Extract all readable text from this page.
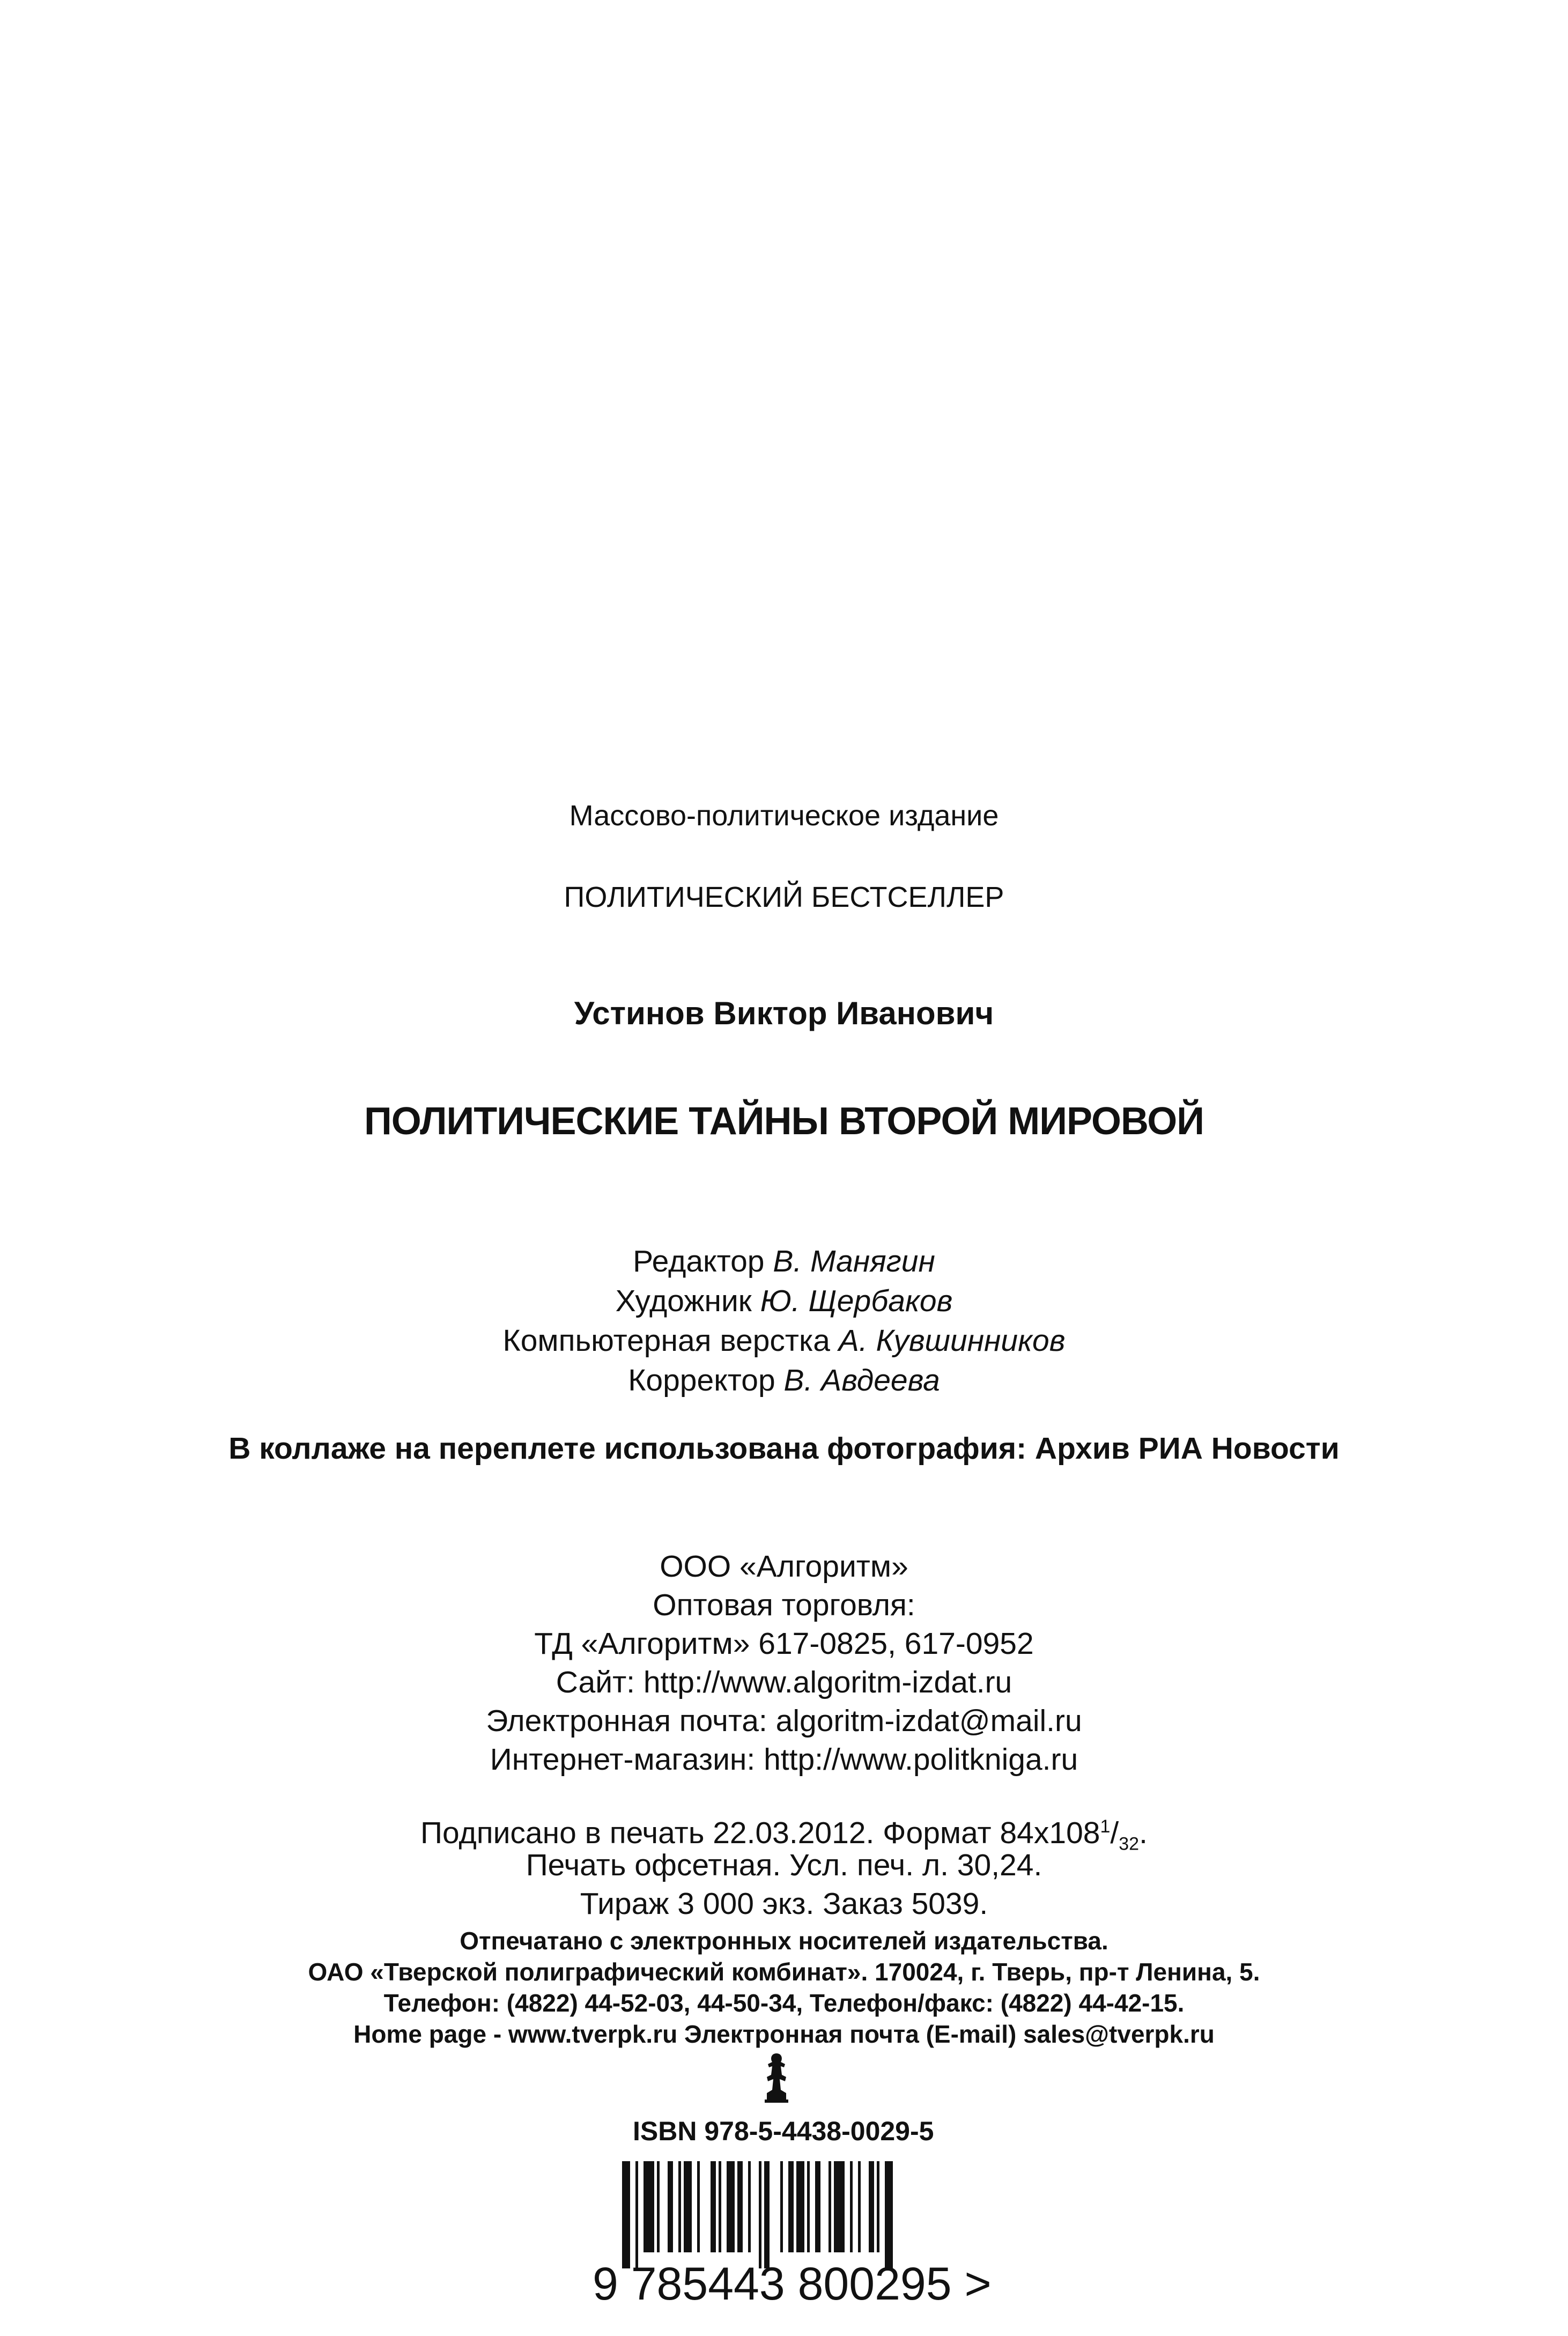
Массово-политическое издание
ПОЛИТИЧЕСКИЙ БЕСТСЕЛЛЕР
Устинов Виктор Иванович
ПОЛИТИЧЕСКИЕ ТАЙНЫ ВТОРОЙ МИРОВОЙ
Редактор В. Манягин
Художник Ю. Щербаков
Компьютерная верстка А. Кувшинников
Корректор В. Авдеева
В коллаже на переплете использована фотография: Архив РИА Новости
ООО «Алгоритм»
Оптовая торговля:
ТД «Алгоритм» 617-0825, 617-0952
Сайт: http://www.algoritm-izdat.ru
Электронная почта: algoritm-izdat@mail.ru
Интернет-магазин: http://www.politkniga.ru
Подписано в печать 22.03.2012. Формат $84x108^1/_{32}$.
Печать офсетная. Усл. печ. л. 30,24.
Тираж 3 000 экз. Заказ 5039.
Отпечатано с электронных носителей издательства.
ОАО «Тверской полиграфический комбинат». 170024, г. Тверь, пр-т Ленина, 5.
Телефон: (4822) 44-52-03, 44-50-34, Телефон/факс: (4822) 44-42-15.
Home page - www.tverpk.ru Электронная почта (E-mail) sales@tverpk.ru
ISBN 978-5-4438-0029-5
9 785443 800295 >
